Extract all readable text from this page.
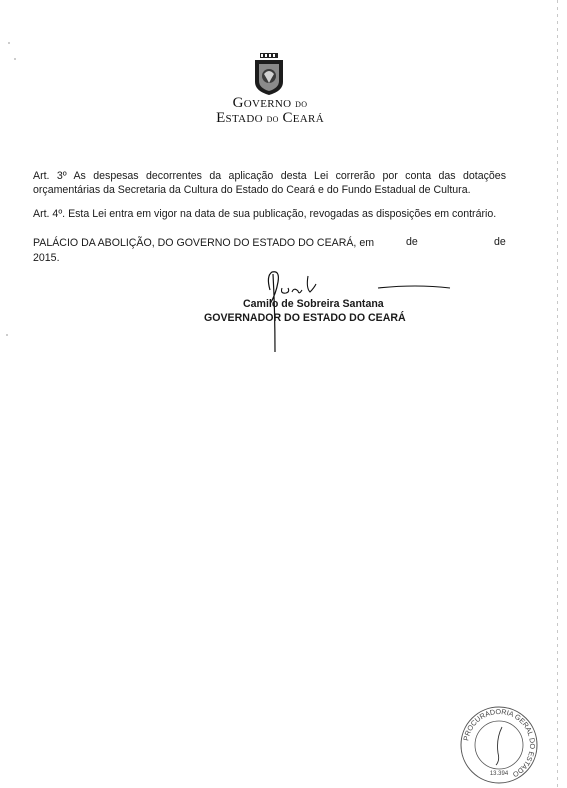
Governo do
Estado do Ceará
Art. 3º As despesas decorrentes da aplicação desta Lei correrão por conta das dotações orçamentárias da Secretaria da Cultura do Estado do Ceará e do Fundo Estadual de Cultura.
Art. 4º. Esta Lei entra em vigor na data de sua publicação, revogadas as disposições em contrário.
PALÁCIO DA ABOLIÇÃO, DO GOVERNO DO ESTADO DO CEARÁ, em	de	de
2015.
Camilo de Sobreira Santana
GOVERNADOR DO ESTADO DO CEARÁ
PROCURADORIA GERAL DO ESTADO
13.394
